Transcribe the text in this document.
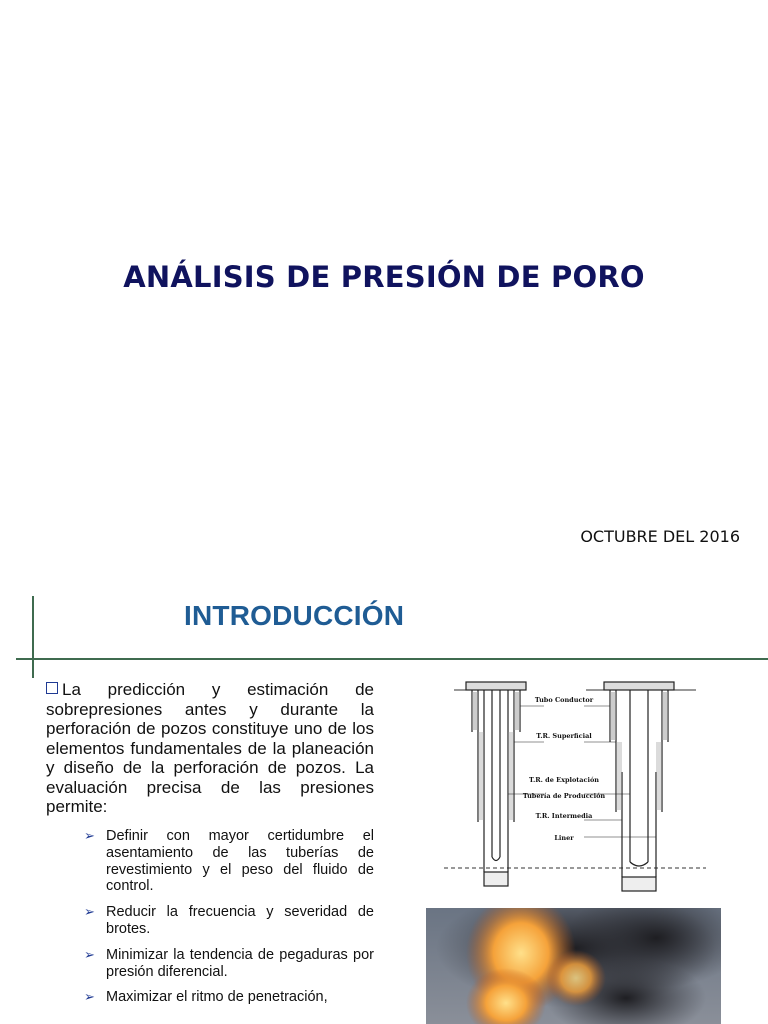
ANÁLISIS DE PRESIÓN DE PORO
OCTUBRE DEL 2016
INTRODUCCIÓN
La predicción y estimación de sobrepresiones antes y durante la perforación de pozos constituye uno de los elementos fundamentales de la planeación y diseño de la perforación de pozos. La evaluación precisa de las presiones permite:
➢ Definir con mayor certidumbre el asentamiento de las tuberías de revestimiento y el peso del fluido de control.
➢ Reducir la frecuencia y severidad de brotes.
➢ Minimizar la tendencia de pegaduras por presión diferencial.
➢ Maximizar el ritmo de penetración,
Tubo Conductor
T.R. Superficial
T.R. de Explotación
Tubería de Producción
T.R. Intermedia
Liner
